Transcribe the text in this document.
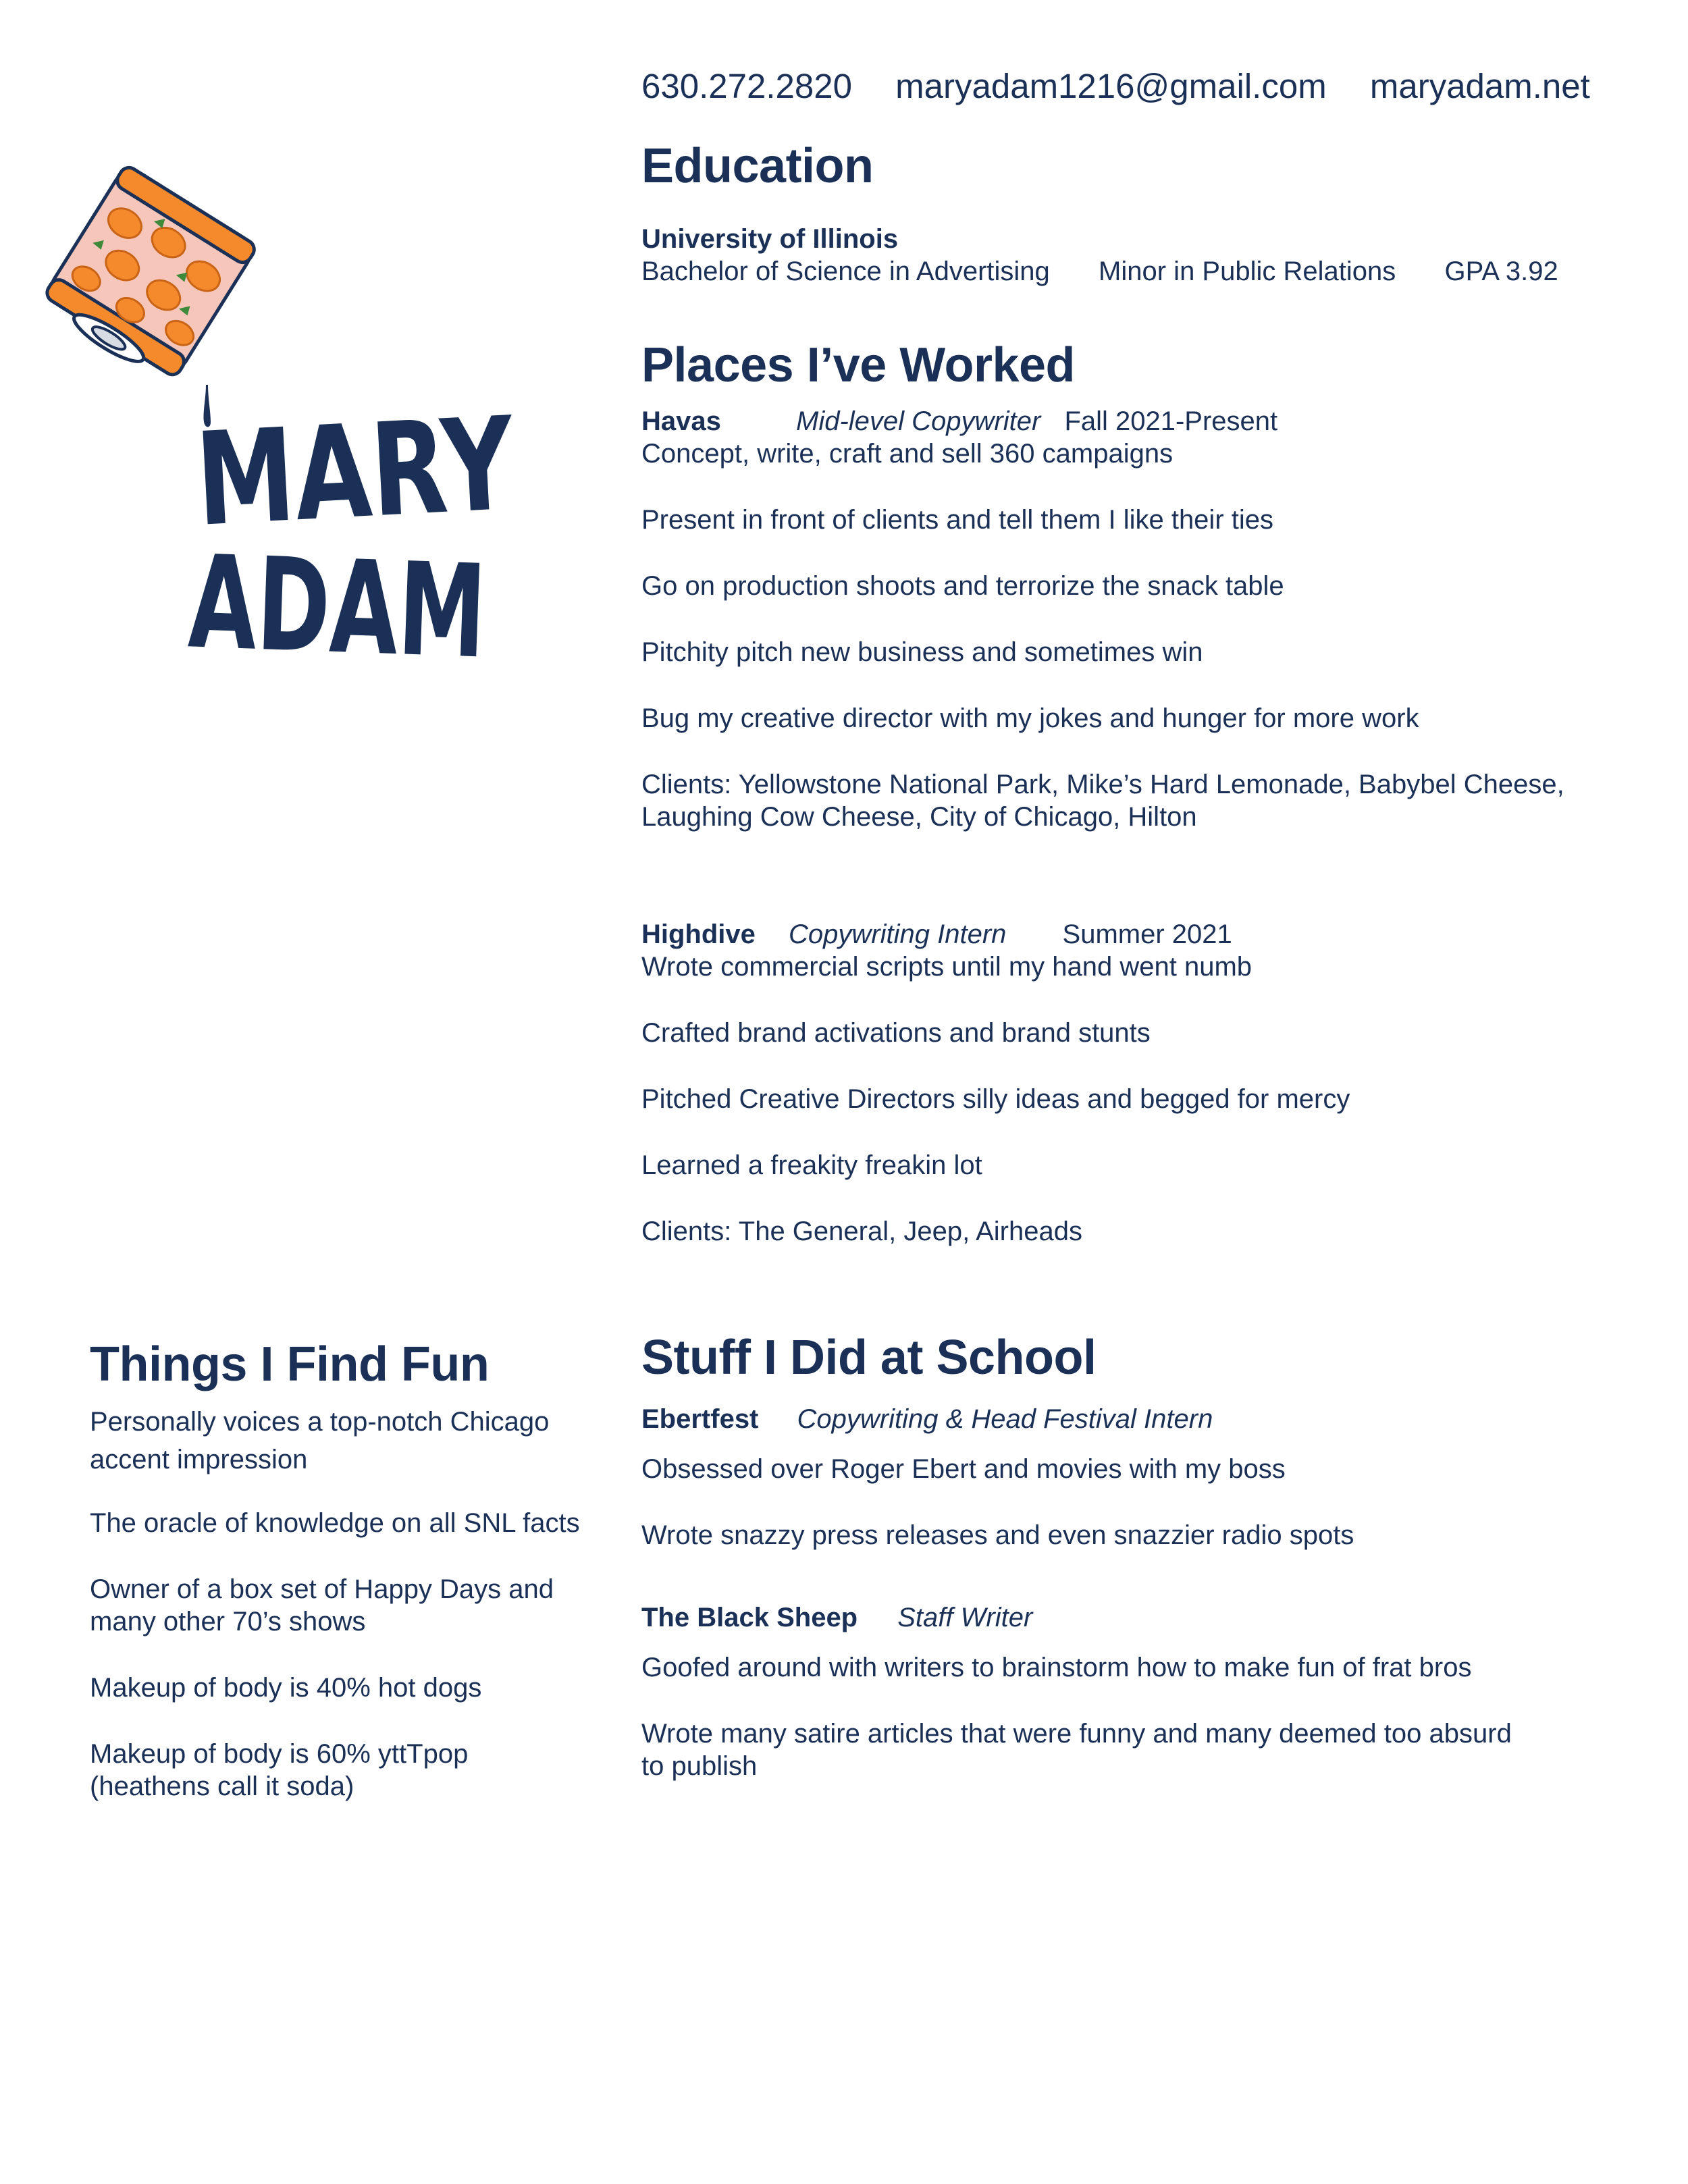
630.272.2820 maryadam1216@gmail.com maryadam.net
MARY
ADAM
Education
University of Illinois
Bachelor of Science in Advertising Minor in Public Relations GPA 3.92
Places I’ve Worked
Havas	Mid-level Copywriter Fall 2021-Present
Concept, write, craft and sell 360 campaigns
Present in front of clients and tell them I like their ties
Go on production shoots and terrorize the snack table
Pitchity pitch new business and sometimes win
Bug my creative director with my jokes and hunger for more work
Clients: Yellowstone National Park, Mike’s Hard Lemonade, Babybel Cheese,
Laughing Cow Cheese, City of Chicago, Hilton
Highdive Copywriting Intern Summer 2021
Wrote commercial scripts until my hand went numb
Crafted brand activations and brand stunts
Pitched Creative Directors silly ideas and begged for mercy
Learned a freakity freakin lot
Clients: The General, Jeep, Airheads
Things I Find Fun
Personally voices a top-notch Chicago
accent impression
The oracle of knowledge on all SNL facts
Owner of a box set of Happy Days and
many other 70’s shows
Makeup of body is 40% hot dogs
Makeup of body is 60% yttTpop
(heathens call it soda)
Stuff I Did at School
Ebertfest Copywriting & Head Festival Intern
Obsessed over Roger Ebert and movies with my boss
Wrote snazzy press releases and even snazzier radio spots
The Black Sheep Staff Writer
Goofed around with writers to brainstorm how to make fun of frat bros
Wrote many satire articles that were funny and many deemed too absurd
to publish
